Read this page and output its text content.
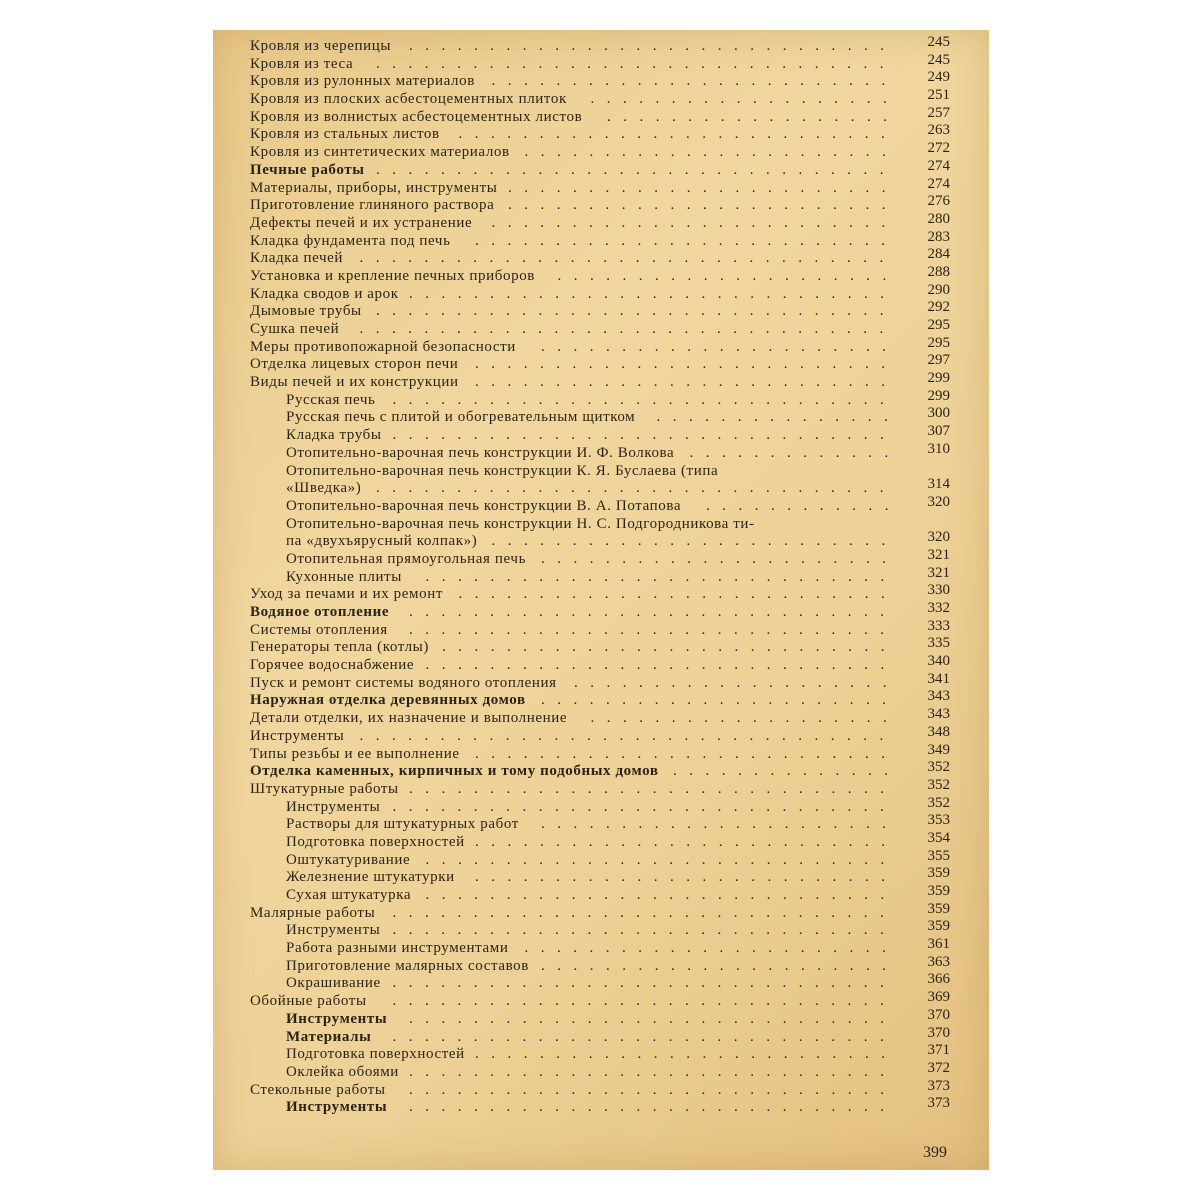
Кровля из черепицы	..............................	245
Кровля из теса	................................	245
Кровля из рулонных материалов	.........................	249
Кровля из плоских асбестоцементных плиток	...................	251
Кровля из волнистых асбестоцементных листов	..................	257
Кровля из стальных листов	...........................	263
Кровля из синтетических материалов .......................	272
Печные работы ................................	274
Материалы, приборы, инструменты ........................	274
Приготовление глиняного раствора ........................	276
Дефекты печей и их устранение	.........................	280
Кладка фундамента под печь	..........................	283
Кладка печей	.................................	284
Установка и крепление печных приборов	.....................	288
Кладка сводов и арок ..............................	290
Дымовые трубы ................................	292
Сушка печей	.................................	295
Меры противопожарной безопасности	......................	295
Отделка лицевых сторон печи	..........................	297
Виды печей и их конструкции	..........................	299
Русская печь	...............................	299
Русская печь с плитой и обогревательным щитком	...............	300
Кладка трубы ...............................	307
Отопительно-варочная печь конструкции И. Ф. Волкова	.............	310
Отопительно-варочная печь конструкции К. Я. Буслаева (типа
«Шведка») ................................	314
Отопительно-варочная печь конструкции В. А. Потапова	............	320
Отопительно-варочная печь конструкции Н. С. Подгородникова ти-
па «двухъярусный колпак») .........................	320
Отопительная прямоугольная печь ......................	321
Кухонные плиты	.............................	321
Уход за печами и их ремонт	...........................	330
Водяное отопление	..............................	332
Системы отопления	..............................	333
Генераторы тепла (котлы) ............................	335
Горячее водоснабжение .............................	340
Пуск и ремонт системы водяного отопления	....................	341
Наружная отделка деревянных домов	......................	343
Детали отделки, их назначение и выполнение	...................	343
Инструменты	.................................	348
Типы резьбы и ее выполнение	..........................	349
Отделка каменных, кирпичных и тому подобных домов ..............	352
Штукатурные работы ..............................	352
Инструменты ...............................	352
Растворы для штукатурных работ	......................	353
Подготовка поверхностей ..........................	354
Оштукатуривание	.............................	355
Железнение штукатурки	..........................	359
Сухая штукатурка .............................	359
Малярные работы	...............................	359
Инструменты ...............................	359
Работа разными инструментами	.......................	361
Приготовление малярных составов ......................	363
Окрашивание ...............................	366
Обойные работы	...............................	369
Инструменты	..............................	370
Материалы	...............................	370
Подготовка поверхностей ..........................	371
Оклейка обоями ..............................	372
Стекольные работы	..............................	373
Инструменты	..............................	373
399
